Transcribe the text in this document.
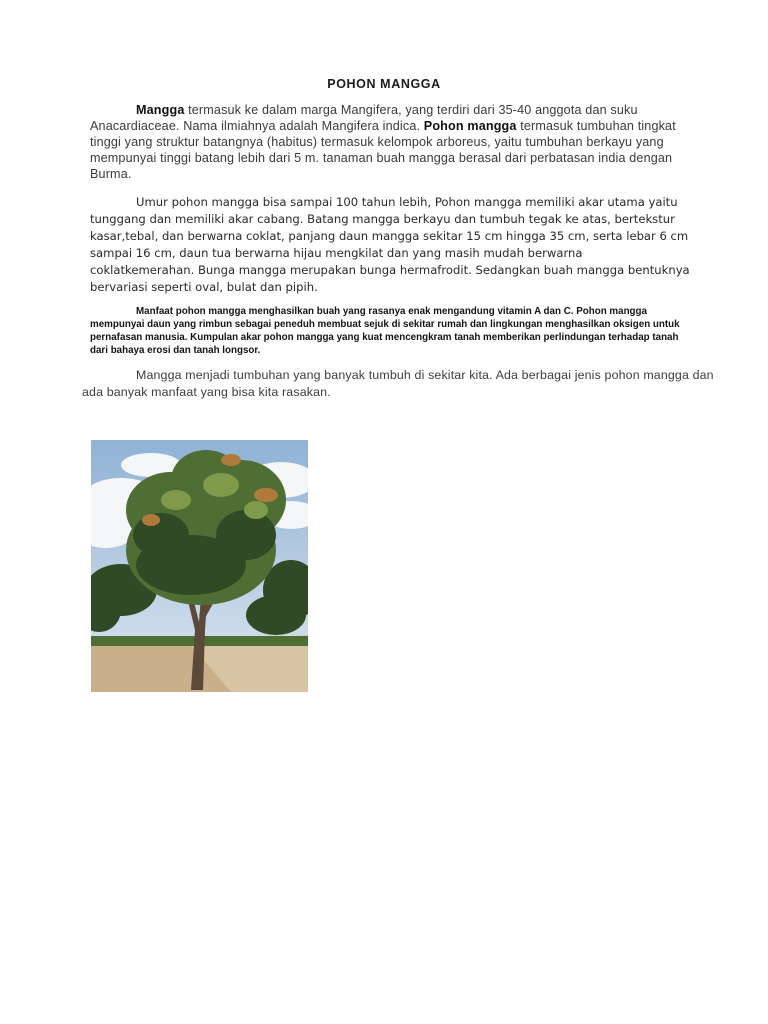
POHON MANGGA

Mangga termasuk ke dalam marga Mangifera, yang terdiri dari 35-40 anggota dan suku Anacardiaceae. Nama ilmiahnya adalah Mangifera indica. Pohon mangga termasuk tumbuhan tingkat tinggi yang struktur batangnya (habitus) termasuk kelompok arboreus, yaitu tumbuhan berkayu yang mempunyai tinggi batang lebih dari 5 m. tanaman buah mangga berasal dari perbatasan india dengan Burma.

Umur pohon mangga bisa sampai 100 tahun lebih, Pohon mangga memiliki akar utama yaitu tunggang dan memiliki akar cabang. Batang mangga berkayu dan tumbuh tegak ke atas, bertekstur kasar,tebal, dan berwarna coklat, panjang daun mangga sekitar 15 cm hingga 35 cm, serta lebar 6 cm sampai 16 cm, daun tua berwarna hijau mengkilat dan yang masih mudah berwarna coklatkemerahan. Bunga mangga merupakan bunga hermafrodit. Sedangkan buah mangga bentuknya bervariasi seperti oval, bulat dan pipih.

Manfaat pohon mangga menghasilkan buah yang rasanya enak mengandung vitamin A dan C. Pohon mangga mempunyai daun yang rimbun sebagai peneduh membuat sejuk di sekitar rumah dan lingkungan menghasilkan oksigen untuk pernafasan manusia. Kumpulan akar pohon mangga yang kuat mencengkram tanah memberikan perlindungan terhadap tanah dari bahaya erosi dan tanah longsor.

Mangga menjadi tumbuhan yang banyak tumbuh di sekitar kita. Ada berbagai jenis pohon mangga dan ada banyak manfaat yang bisa kita rasakan.
